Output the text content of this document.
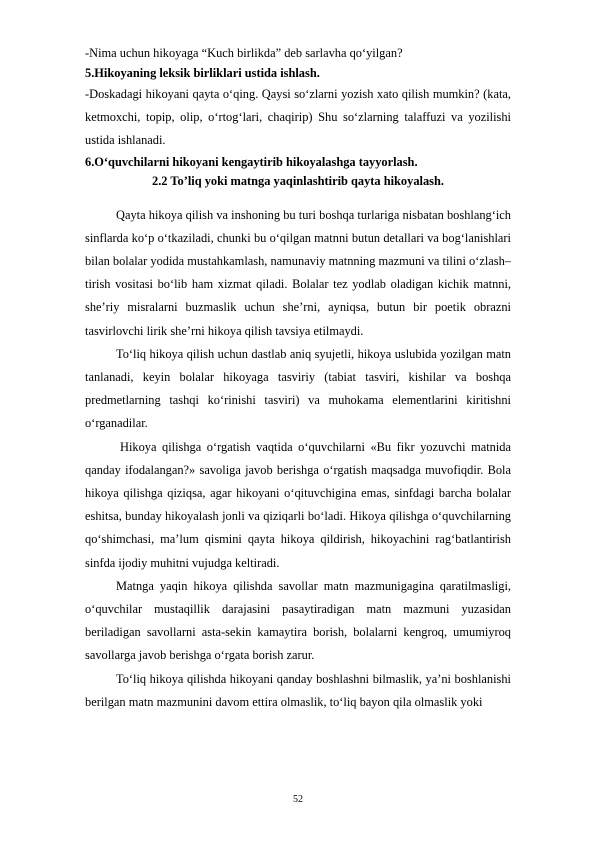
-Nima uchun hikoyaga “Kuch birlikda” deb sarlavha qo‘yilgan?

5.Hikoyaning leksik birliklari ustida ishlash.

-Doskadagi hikoyani qayta o‘qing. Qaysi so‘zlarni yozish xato qilish mumkin? (kata, ketmoxchi, topip, olip, o‘rtog‘lari, chaqirip) Shu so‘zlarning talaffuzi va yozilishi ustida ishlanadi.

6.O‘quvchilarni hikoyani kengaytirib hikoyalashga tayyorlash.

2.2 To’liq yoki matnga yaqinlashtirib qayta hikoyalash.

Qayta hikoya qilish va inshoning bu turi boshqa turlariga nisbatan boshlang‘ich sinflarda ko‘p o‘tkaziladi, chunki bu o‘qilgan matnni butun detallari va bog‘lanishlari bilan bolalar yodida mustahkamlash, namunaviy matnning mazmuni va tilini o‘zlash–tirish vositasi bo‘lib ham xizmat qiladi. Bolalar tez yodlab oladigan kichik matnni, she’riy misralarni buzmaslik uchun she’rni, ayniqsa, butun bir poetik obrazni tasvirlovchi lirik she’rni hikoya qilish tavsiya etilmaydi.

To‘liq hikoya qilish uchun dastlab aniq syujetli, hikoya uslubida yozilgan matn tanlanadi, keyin bolalar hikoyaga tasviriy (tabiat tasviri, kishilar va boshqa predmetlarning tashqi ko‘rinishi tasviri) va muhokama elementlarini kiritishni o‘rganadilar.

Hikoya qilishga o‘rgatish vaqtida o‘quvchilarni «Bu fikr yozuvchi matnida qanday ifodalangan?» savoliga javob berishga o‘rgatish maqsadga muvofiqdir. Bola hikoya qilishga qiziqsa, agar hikoyani o‘qituvchigina emas, sinfdagi barcha bolalar eshitsa, bunday hikoyalash jonli va qiziqarli bo‘ladi. Hikoya qilishga o‘quvchilarning qo‘shimchasi, ma’lum qismini qayta hikoya qildirish, hikoyachini rag‘batlantirish sinfda ijodiy muhitni vujudga keltiradi.

Matnga yaqin hikoya qilishda savollar matn mazmunigagina qaratilmasligi, o‘quvchilar mustaqillik darajasini pasaytiradigan matn mazmuni yuzasidan beriladigan savollarni asta-sekin kamaytira borish, bolalarni kengroq, umumiyroq savollarga javob berishga o‘rgata borish zarur.

To‘liq hikoya qilishda hikoyani qanday boshlashni bilmaslik, ya’ni boshlanishi berilgan matn mazmunini davom ettira olmaslik, to‘liq bayon qila olmaslik yoki

52
